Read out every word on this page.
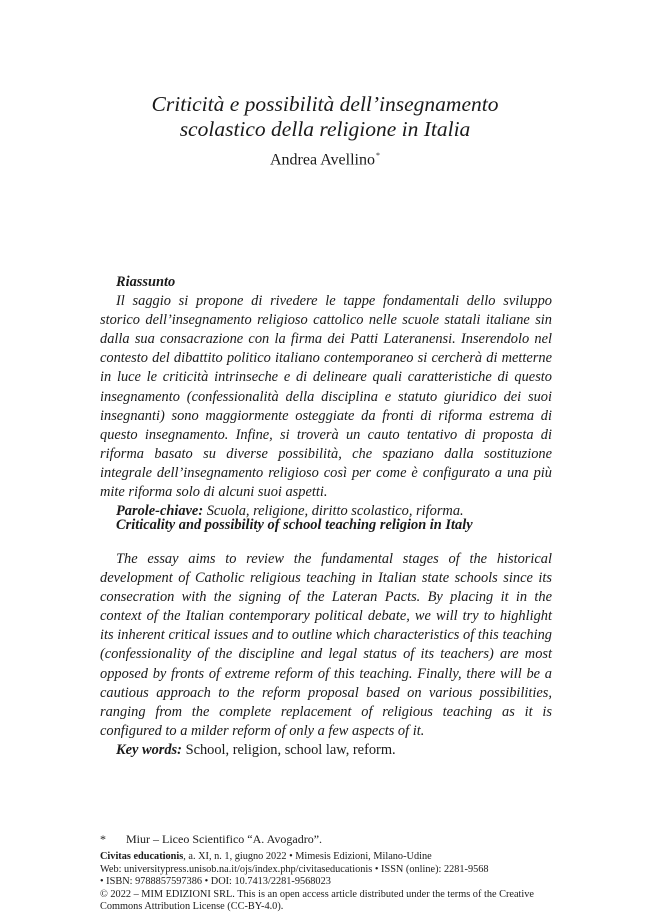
Criticità e possibilità dell’insegnamento
scolastico della religione in Italia
Andrea Avellino*

Riassunto

Il saggio si propone di rivedere le tappe fondamentali dello sviluppo storico dell’insegnamento religioso cattolico nelle scuole statali italiane sin dalla sua consacrazione con la firma dei Patti Lateranensi. Inserendolo nel contesto del dibattito politico italiano contemporaneo si cercherà di metterne in luce le criticità intrinseche e di delineare quali caratteristiche di questo insegnamento (confessionalità della disciplina e statuto giuridico dei suoi insegnanti) sono maggiormente osteggiate da fronti di riforma estrema di questo insegnamento. Infine, si troverà un cauto tentativo di proposta di riforma basato su diverse possibilità, che spaziano dalla sostituzione integrale dell’insegnamento religioso così per come è configurato a una più mite riforma solo di alcuni suoi aspetti.

Parole-chiave: Scuola, religione, diritto scolastico, riforma.

Criticality and possibility of school teaching religion in Italy

The essay aims to review the fundamental stages of the historical development of Catholic religious teaching in Italian state schools since its consecration with the signing of the Lateran Pacts. By placing it in the context of the Italian contemporary political debate, we will try to highlight its inherent critical issues and to outline which characteristics of this teaching (confessionality of the discipline and legal status of its teachers) are most opposed by fronts of extreme reform of this teaching. Finally, there will be a cautious approach to the reform proposal based on various possibilities, ranging from the complete replacement of religious teaching as it is configured to a milder reform of only a few aspects of it.

Key words: School, religion, school law, reform.

* Miur – Liceo Scientifico “A. Avogadro”.
Civitas educationis, a. XI, n. 1, giugno 2022 • Mimesis Edizioni, Milano-Udine
Web: universitypress.unisob.na.it/ojs/index.php/civitaseducationis • ISSN (online): 2281-9568
• ISBN: 9788857597386 • DOI: 10.7413/2281-9568023
© 2022 – MIM EDIZIONI SRL. This is an open access article distributed under the terms of the Creative
Commons Attribution License (CC-BY-4.0).
